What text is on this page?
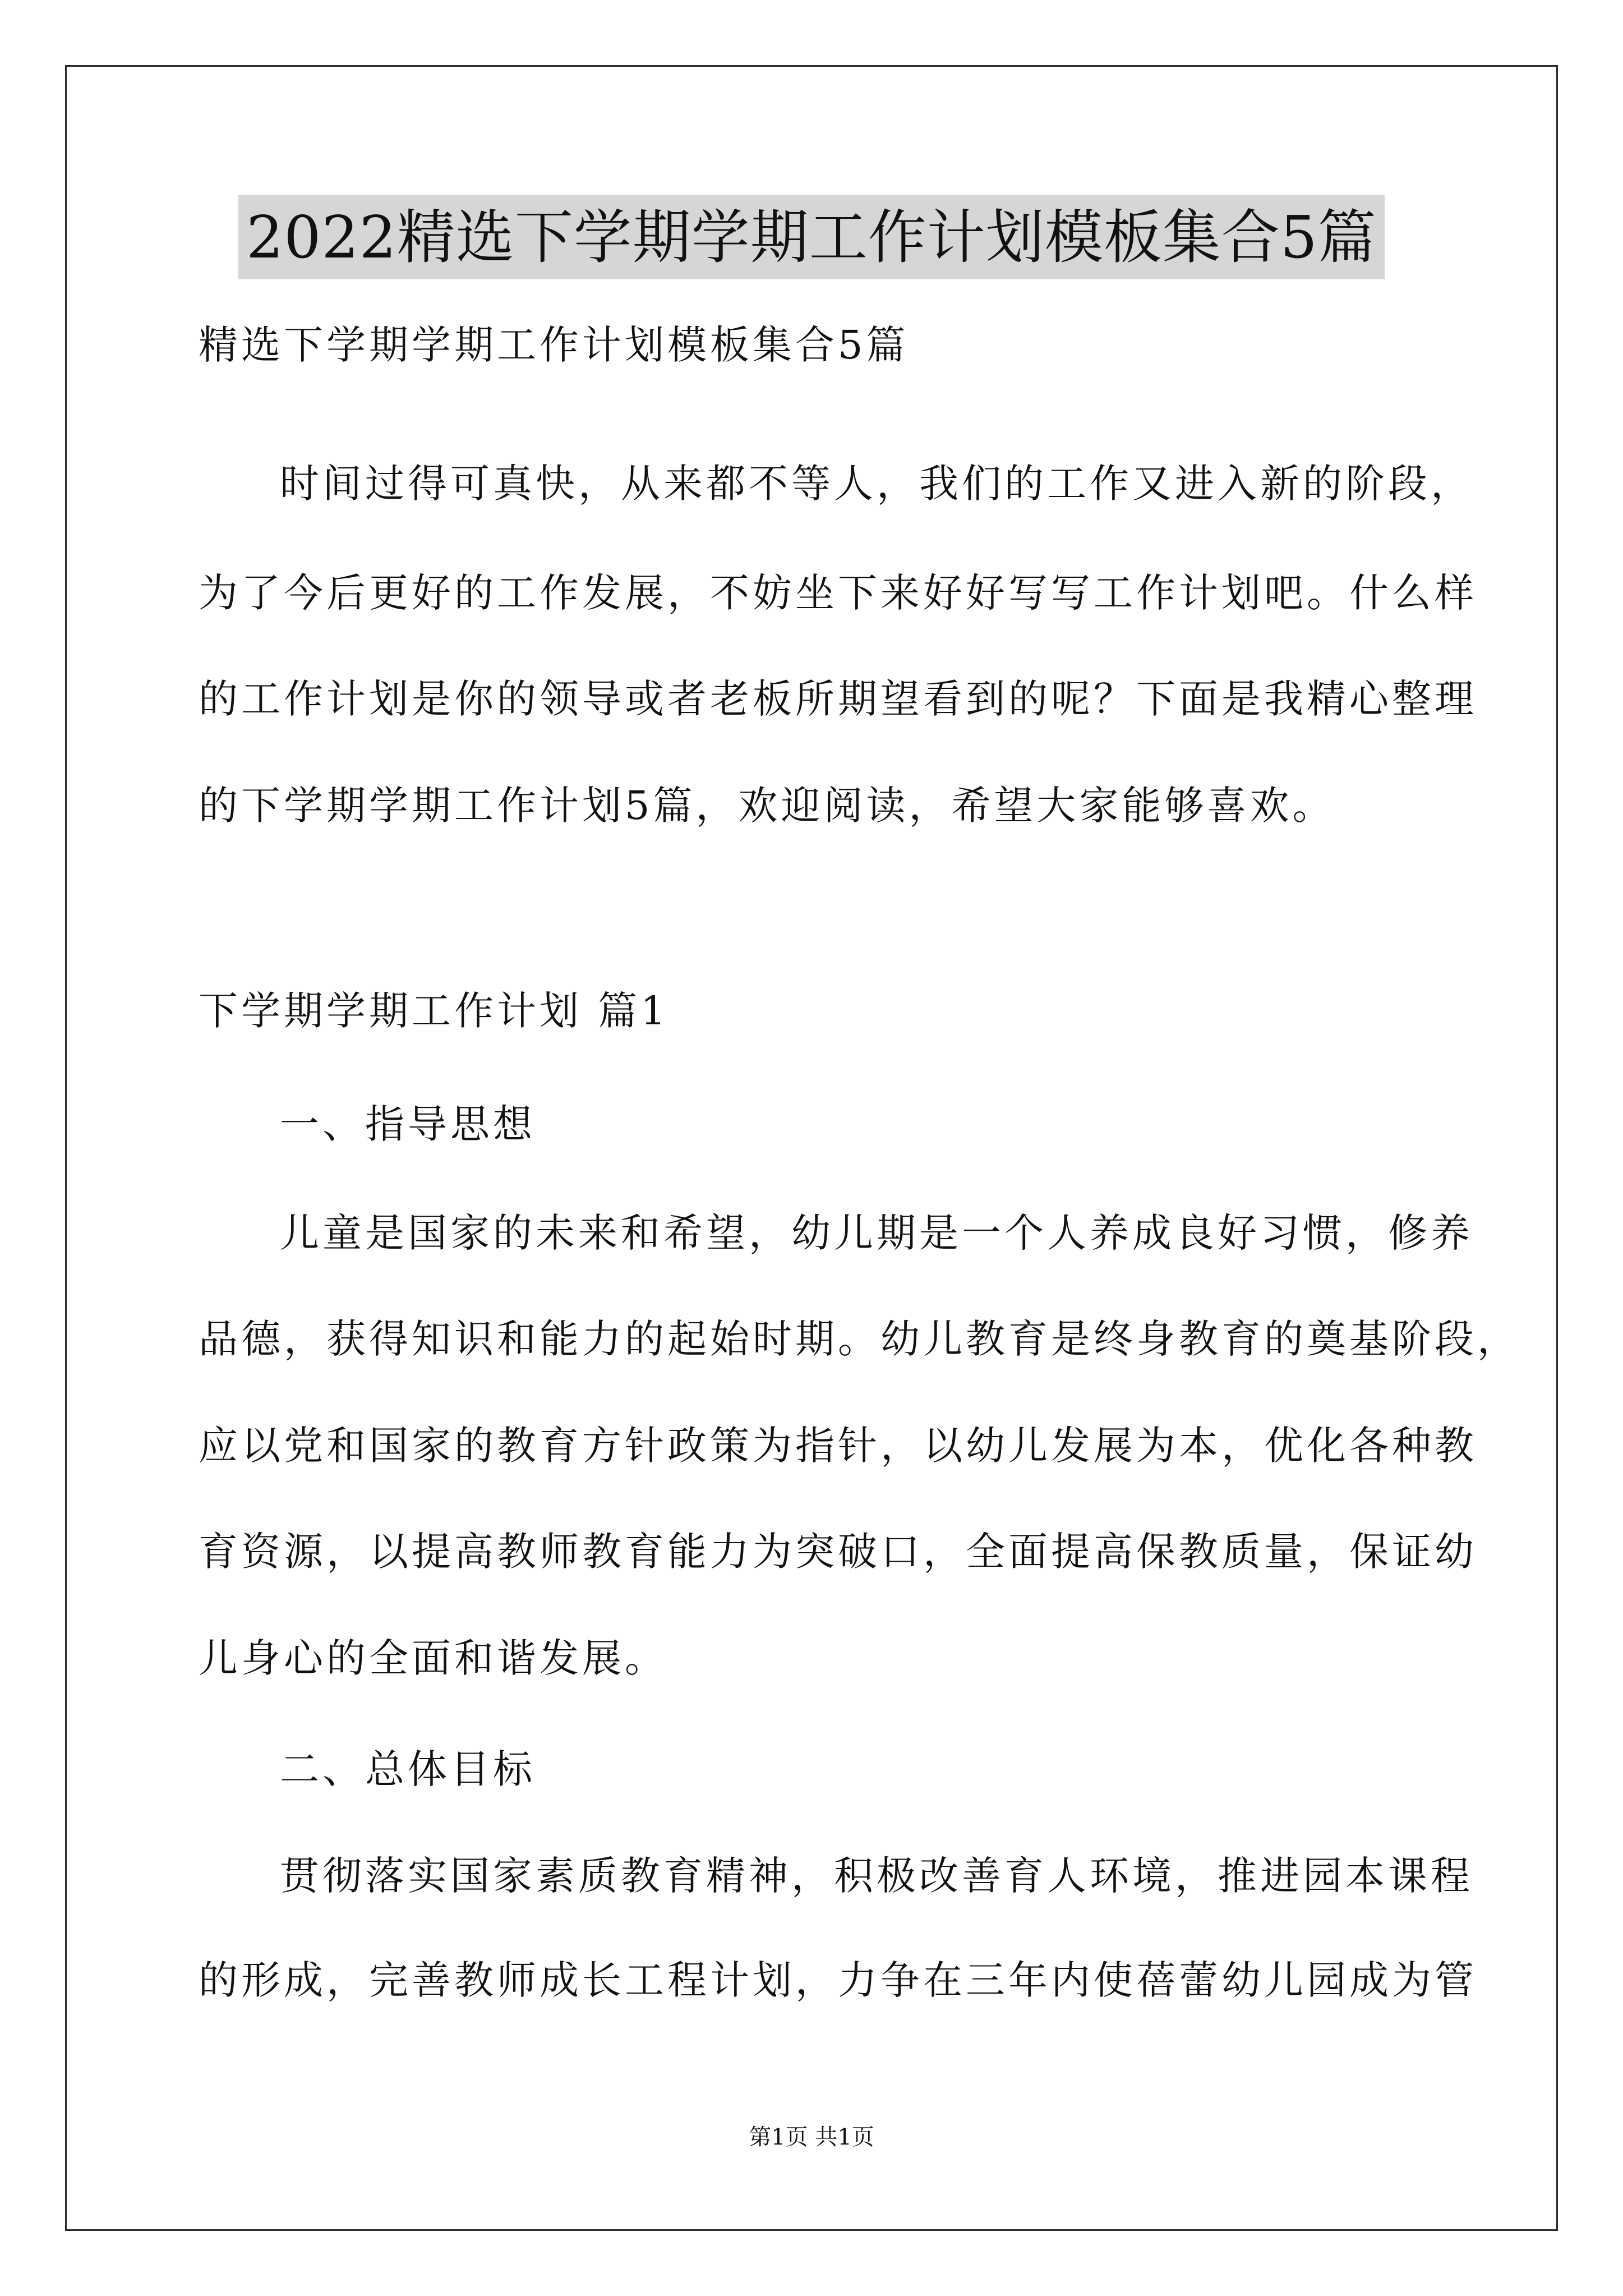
2022精选下学期学期工作计划模板集合5篇
精选下学期学期工作计划模板集合5篇
时间过得可真快，从来都不等人，我们的工作又进入新的阶段，
为了今后更好的工作发展，不妨坐下来好好写写工作计划吧。什么样
的工作计划是你的领导或者老板所期望看到的呢？下面是我精心整理
的下学期学期工作计划5篇，欢迎阅读，希望大家能够喜欢。
下学期学期工作计划 篇1
一、指导思想
儿童是国家的未来和希望，幼儿期是一个人养成良好习惯，修养
品德，获得知识和能力的起始时期。幼儿教育是终身教育的奠基阶段，
应以党和国家的教育方针政策为指针，以幼儿发展为本，优化各种教
育资源，以提高教师教育能力为突破口，全面提高保教质量，保证幼
儿身心的全面和谐发展。
二、总体目标
贯彻落实国家素质教育精神，积极改善育人环境，推进园本课程
的形成，完善教师成长工程计划，力争在三年内使蓓蕾幼儿园成为管
第1页 共1页
